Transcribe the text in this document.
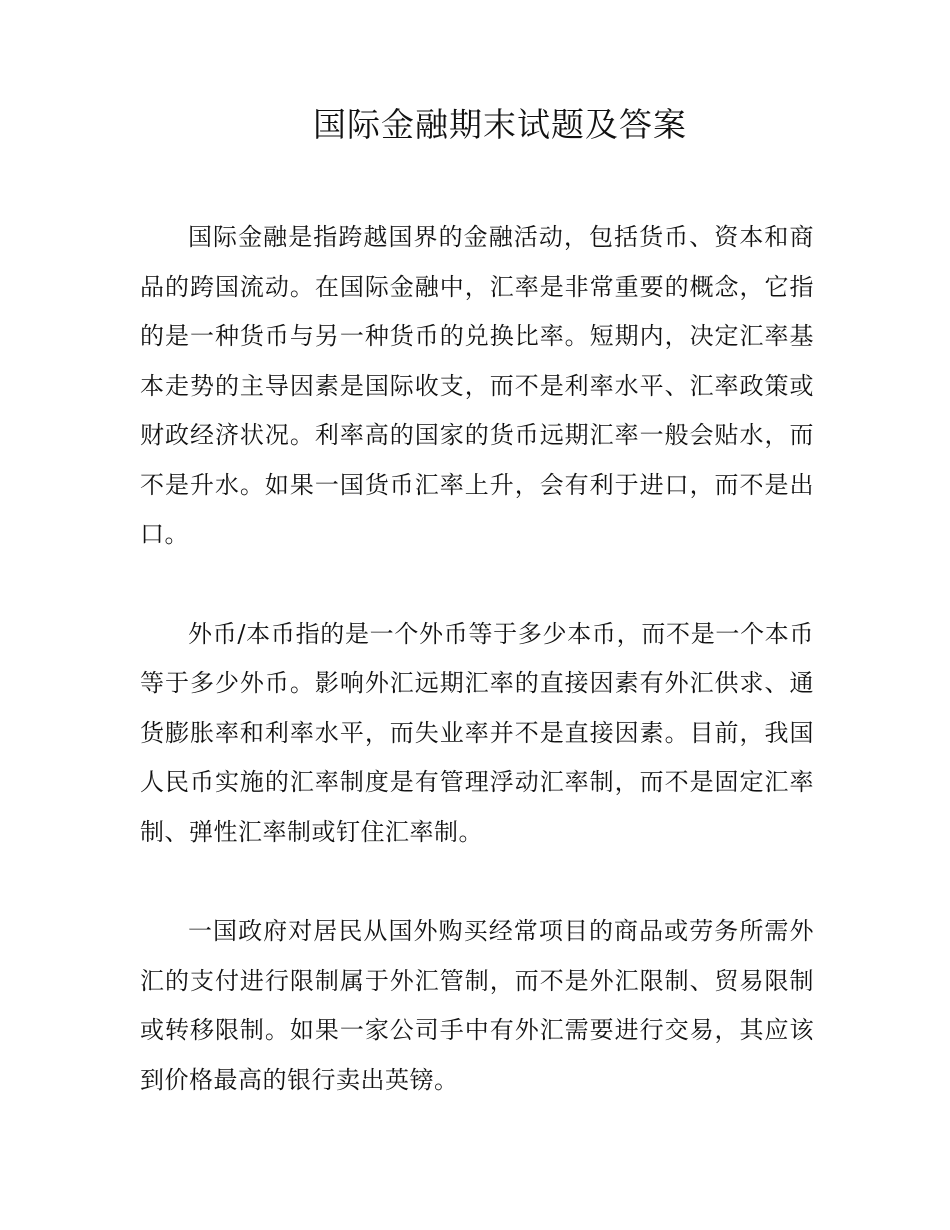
国际金融期末试题及答案

国际金融是指跨越国界的金融活动，包括货币、资本和商品的跨国流动。在国际金融中，汇率是非常重要的概念，它指的是一种货币与另一种货币的兑换比率。短期内，决定汇率基本走势的主导因素是国际收支，而不是利率水平、汇率政策或财政经济状况。利率高的国家的货币远期汇率一般会贴水，而不是升水。如果一国货币汇率上升，会有利于进口，而不是出口。

外币/本币指的是一个外币等于多少本币，而不是一个本币等于多少外币。影响外汇远期汇率的直接因素有外汇供求、通货膨胀率和利率水平，而失业率并不是直接因素。目前，我国人民币实施的汇率制度是有管理浮动汇率制，而不是固定汇率制、弹性汇率制或钉住汇率制。

一国政府对居民从国外购买经常项目的商品或劳务所需外汇的支付进行限制属于外汇管制，而不是外汇限制、贸易限制或转移限制。如果一家公司手中有外汇需要进行交易，其应该到价格最高的银行卖出英镑。
